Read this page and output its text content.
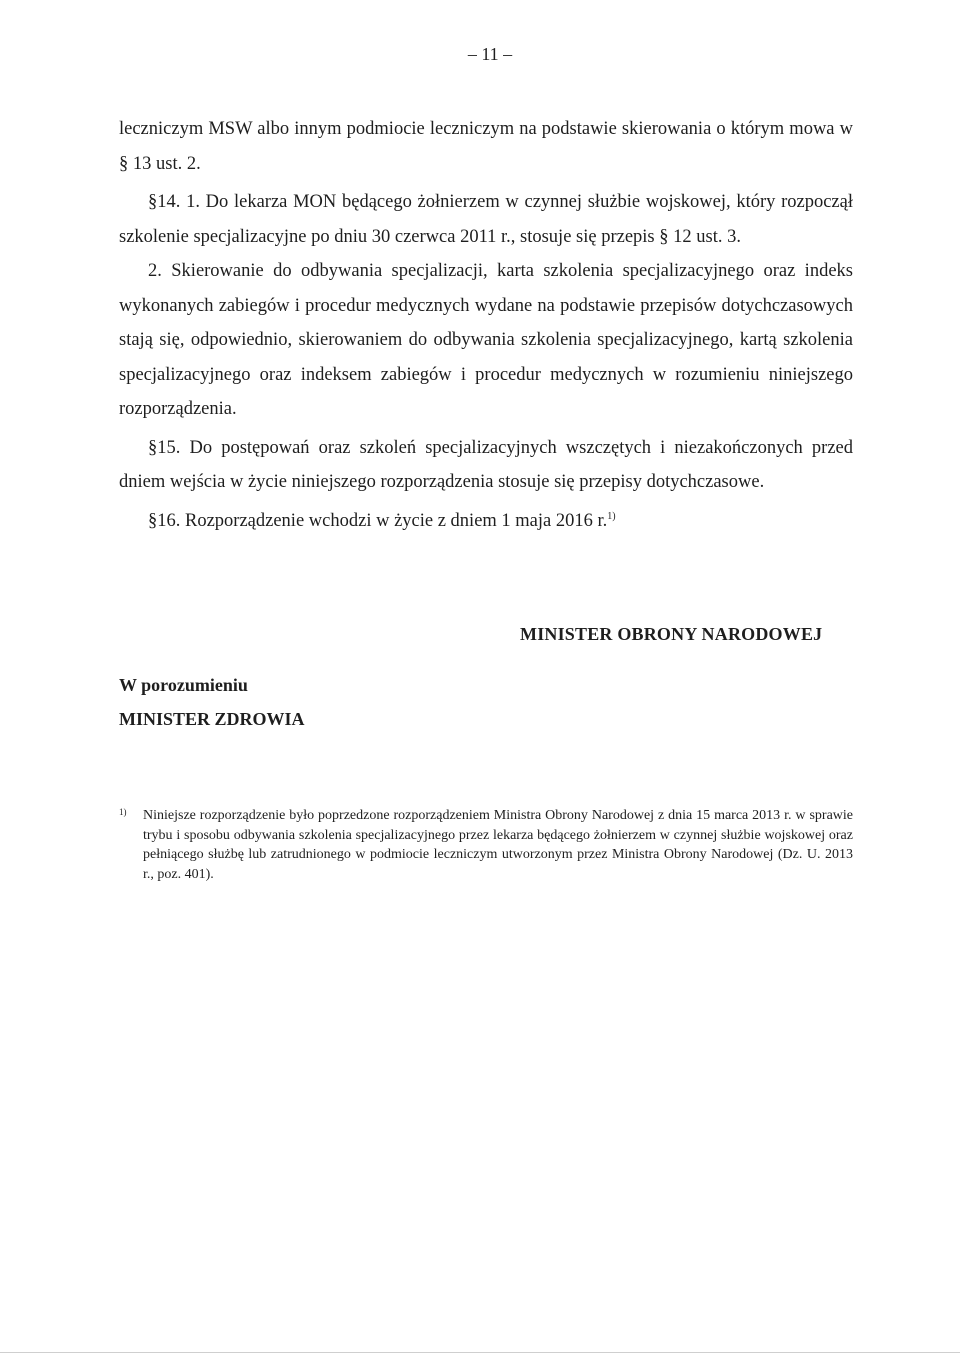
– 11 –

leczniczym MSW albo innym podmiocie leczniczym na podstawie skierowania o którym mowa w § 13 ust. 2.

§14. 1. Do lekarza MON będącego żołnierzem w czynnej służbie wojskowej, który rozpoczął szkolenie specjalizacyjne po dniu 30 czerwca 2011 r., stosuje się przepis § 12 ust. 3.

2. Skierowanie do odbywania specjalizacji, karta szkolenia specjalizacyjnego oraz indeks wykonanych zabiegów i procedur medycznych wydane na podstawie przepisów dotychczasowych stają się, odpowiednio, skierowaniem do odbywania szkolenia specjalizacyjnego, kartą szkolenia specjalizacyjnego oraz indeksem zabiegów i procedur medycznych w rozumieniu niniejszego rozporządzenia.

§15. Do postępowań oraz szkoleń specjalizacyjnych wszczętych i niezakończonych przed dniem wejścia w życie niniejszego rozporządzenia stosuje się przepisy dotychczasowe.

§16. Rozporządzenie wchodzi w życie z dniem 1 maja 2016 r.$^{1)}$

MINISTER OBRONY NARODOWEJ
W porozumieniu
MINISTER ZDROWIA
1)	Niniejsze rozporządzenie było poprzedzone rozporządzeniem Ministra Obrony Narodowej z dnia 15 marca 2013 r. w sprawie trybu i sposobu odbywania szkolenia specjalizacyjnego przez lekarza będącego żołnierzem w czynnej służbie wojskowej oraz pełniącego służbę lub zatrudnionego w podmiocie leczniczym utworzonym przez Ministra Obrony Narodowej (Dz. U. 2013 r., poz. 401).
